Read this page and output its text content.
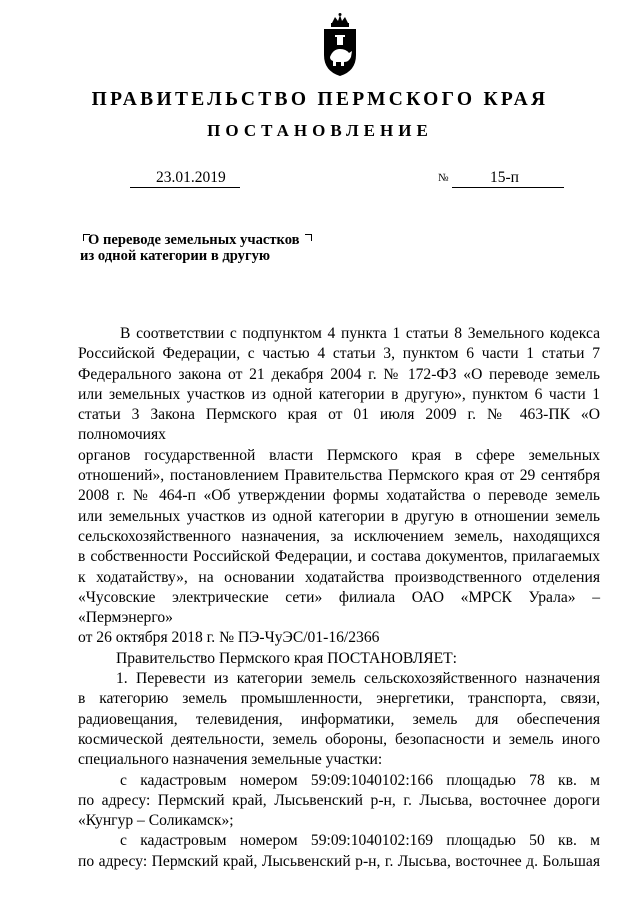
ПРАВИТЕЛЬСТВО ПЕРМСКОГО КРАЯ
ПОСТАНОВЛЕНИЕ
23.01.2019	№	15-п
О переводе земельных участков
из одной категории в другую

В соответствии с подпунктом 4 пункта 1 статьи 8 Земельного кодекса

Российской Федерации, с частью 4 статьи 3, пунктом 6 части 1 статьи 7

Федерального закона от 21 декабря 2004 г. № 172-ФЗ «О переводе земель

или земельных участков из одной категории в другую», пунктом 6 части 1

статьи 3 Закона Пермского края от 01 июля 2009 г. № 463-ПК «О полномочиях

органов государственной власти Пермского края в сфере земельных

отношений», постановлением Правительства Пермского края от 29 сентября

2008 г. № 464-п «Об утверждении формы ходатайства о переводе земель

или земельных участков из одной категории в другую в отношении земель

сельскохозяйственного назначения, за исключением земель, находящихся

в собственности Российской Федерации, и состава документов, прилагаемых

к ходатайству», на основании ходатайства производственного отделения

«Чусовские электрические сети» филиала ОАО «МРСК Урала» – «Пермэнерго»

от 26 октября 2018 г. № ПЭ-ЧуЭС/01-16/2366

Правительство Пермского края ПОСТАНОВЛЯЕТ:

1. Перевести из категории земель сельскохозяйственного назначения

в категорию земель промышленности, энергетики, транспорта, связи,

радиовещания, телевидения, информатики, земель для обеспечения

космической деятельности, земель обороны, безопасности и земель иного

специального назначения земельные участки:

с кадастровым номером 59:09:1040102:166 площадью 78 кв. м

по адресу: Пермский край, Лысьвенский р-н, г. Лысьва, восточнее дороги

«Кунгур – Соликамск»;

с кадастровым номером 59:09:1040102:169 площадью 50 кв. м

по адресу: Пермский край, Лысьвенский р-н, г. Лысьва, восточнее д. Большая
